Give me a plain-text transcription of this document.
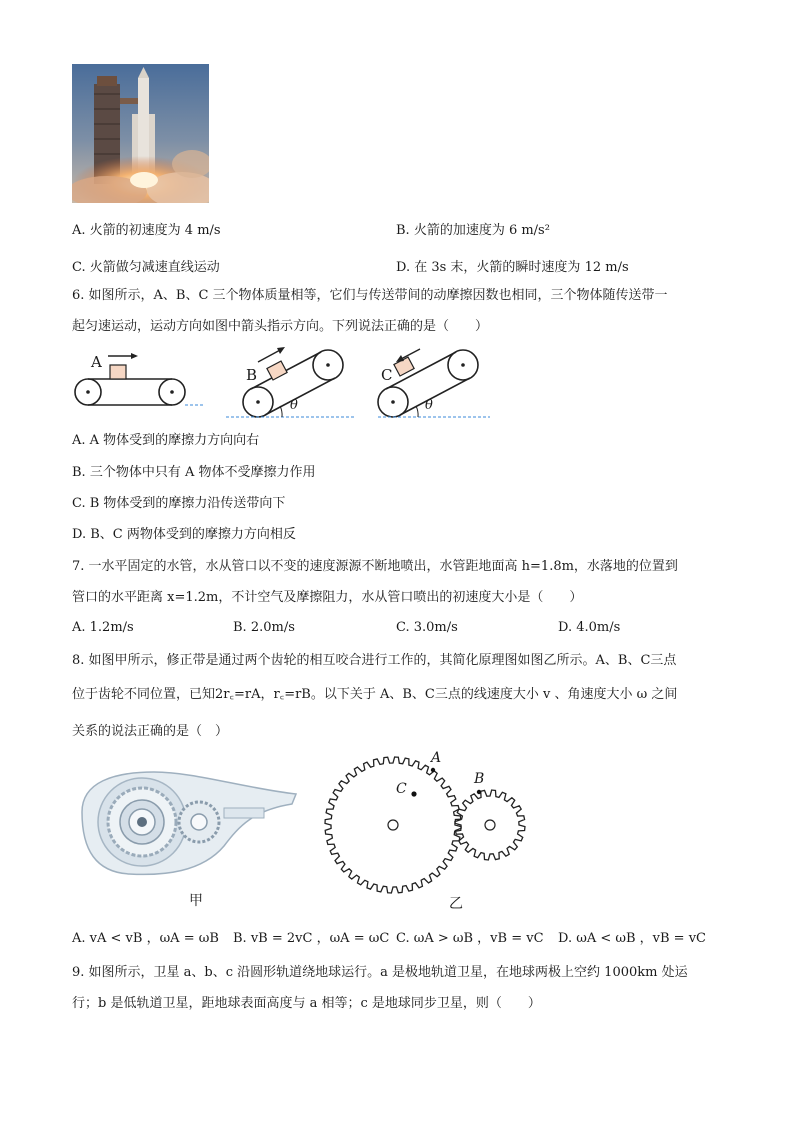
A. 火箭的初速度为 4 m/s	B. 火箭的加速度为 6 m/s²
C. 火箭做匀减速直线运动	D. 在 3s 末，火箭的瞬时速度为 12 m/s
6. 如图所示，A、B、C 三个物体质量相等，它们与传送带间的动摩擦因数也相同，三个物体随传送带一
起匀速运动，运动方向如图中箭头指示方向。下列说法正确的是（　　）
A
B	C
θ	θ
A. A 物体受到的摩擦力方向向右
B. 三个物体中只有 A 物体不受摩擦力作用
C. B 物体受到的摩擦力沿传送带向下
D. B、C 两物体受到的摩擦力方向相反
7. 一水平固定的水管，水从管口以不变的速度源源不断地喷出，水管距地面高 h=1.8m，水落地的位置到
管口的水平距离 x=1.2m，不计空气及摩擦阻力，水从管口喷出的初速度大小是（　　）
A. 1.2m/s	B. 2.0m/s	C. 3.0m/s	D. 4.0m/s
8. 如图甲所示，修正带是通过两个齿轮的相互咬合进行工作的，其简化原理图如图乙所示。A、B、C三点
位于齿轮不同位置，已知2r꜀=rA，r꜀=rB。以下关于 A、B、C三点的线速度大小 v 、角速度大小 ω 之间
关系的说法正确的是（　）
C
A
B
甲	乙
A. vA < vB ，ωA = ωB B. vB = 2vC ，ωA = ωC C. ωA > ωB ，vB = vC D. ωA < ωB ，vB = vC
9. 如图所示，卫星 a、b、c 沿圆形轨道绕地球运行。a 是极地轨道卫星，在地球两极上空约 1000km 处运
行；b 是低轨道卫星，距地球表面高度与 a 相等；c 是地球同步卫星，则（　　）
